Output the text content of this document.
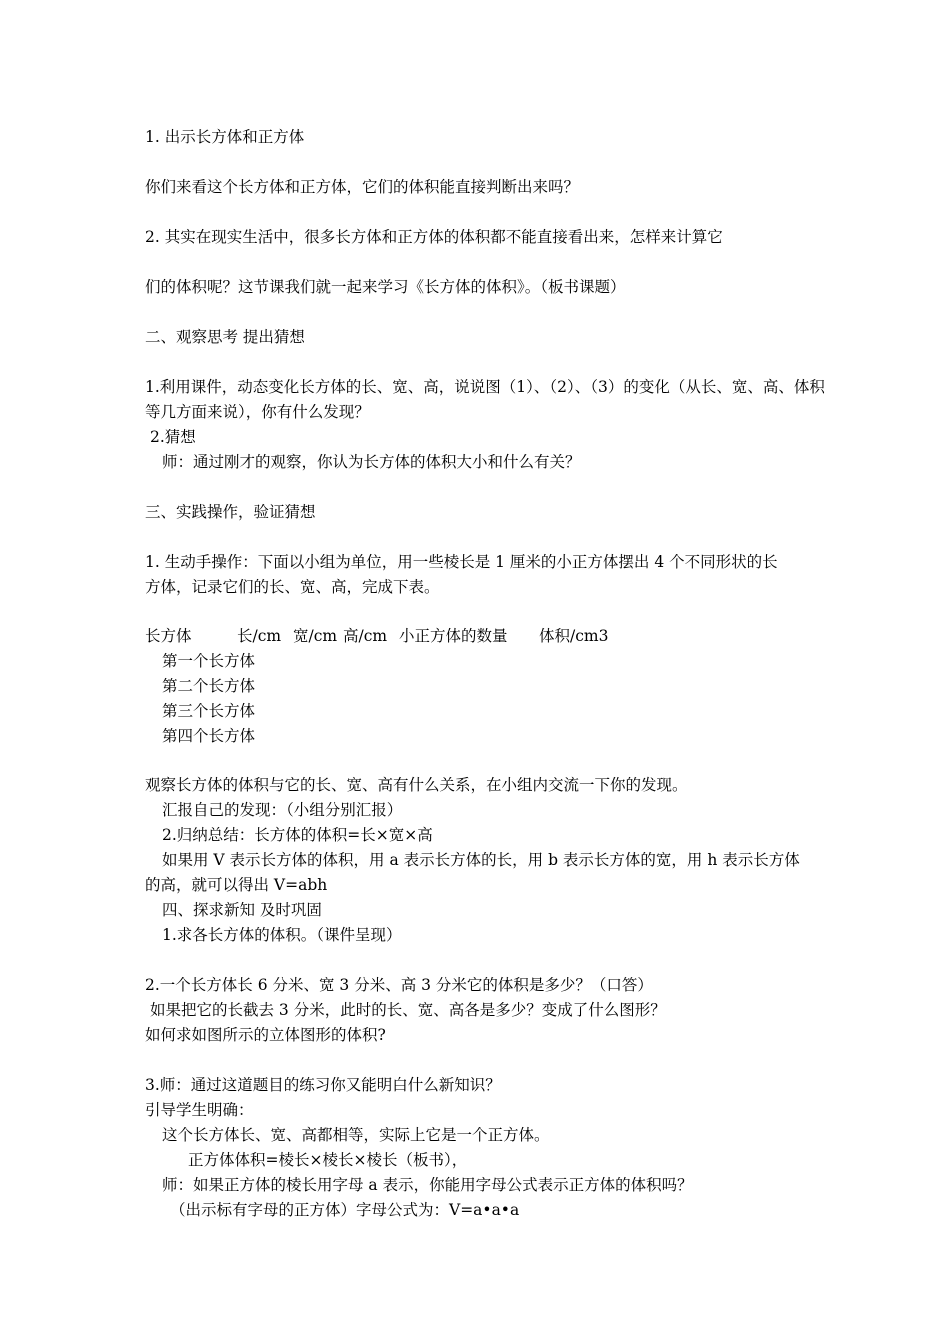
1. 出示长方体和正方体
你们来看这个长方体和正方体，它们的体积能直接判断出来吗？
2. 其实在现实生活中，很多长方体和正方体的体积都不能直接看出来，怎样来计算它
们的体积呢？这节课我们就一起来学习《长方体的体积》。（板书课题）
二、观察思考 提出猜想
1.利用课件，动态变化长方体的长、宽、高，说说图（1）、（2）、（3）的变化（从长、宽、高、体积
等几方面来说），你有什么发现？
2.猜想
师：通过刚才的观察，你认为长方体的体积大小和什么有关？
三、实践操作，验证猜想
1. 生动手操作：下面以小组为单位，用一些棱长是 1 厘米的小正方体摆出 4 个不同形状的长
方体，记录它们的长、宽、高，完成下表。
长方体	长/cm 宽/cm 高/cm 小正方体的数量 体积/cm3
第一个长方体
第二个长方体
第三个长方体
第四个长方体
观察长方体的体积与它的长、宽、高有什么关系，在小组内交流一下你的发现。
汇报自己的发现：（小组分别汇报）
2.归纳总结：长方体的体积=长×宽×高
如果用 V 表示长方体的体积，用 a 表示长方体的长，用 b 表示长方体的宽，用 h 表示长方体
的高，就可以得出 V=abh
四、探求新知 及时巩固
1.求各长方体的体积。（课件呈现）
2.一个长方体长 6 分米、宽 3 分米、高 3 分米它的体积是多少？（口答）
如果把它的长截去 3 分米，此时的长、宽、高各是多少？变成了什么图形？
如何求如图所示的立体图形的体积?
3.师：通过这道题目的练习你又能明白什么新知识？
引导学生明确：
这个长方体长、宽、高都相等，实际上它是一个正方体。
正方体体积=棱长×棱长×棱长（板书），
师：如果正方体的棱长用字母 a 表示，你能用字母公式表示正方体的体积吗？
（出示标有字母的正方体）字母公式为：V=a•a•a
